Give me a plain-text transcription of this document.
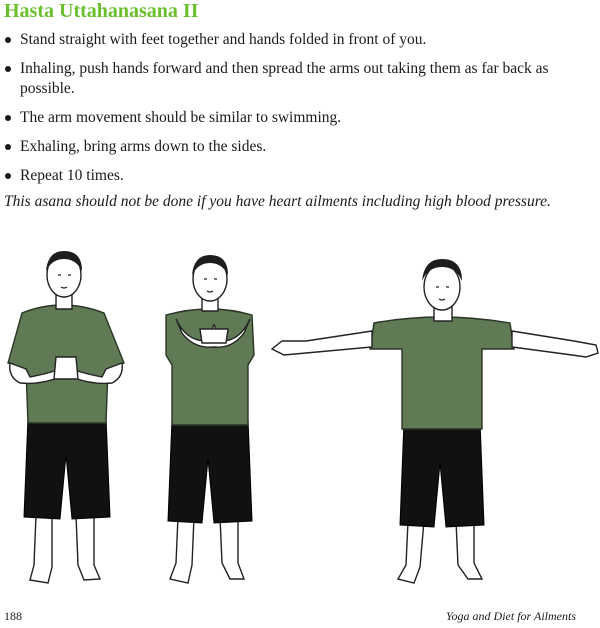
Hasta Uttahanasana II
Stand straight with feet together and hands folded in front of you.
Inhaling, push hands forward and then spread the arms out taking them as far back as possible.
The arm movement should be similar to swimming.
Exhaling, bring arms down to the sides.
Repeat 10 times.

This asana should not be done if you have heart ailments including high blood pressure.

188	Yoga and Diet for Ailments
